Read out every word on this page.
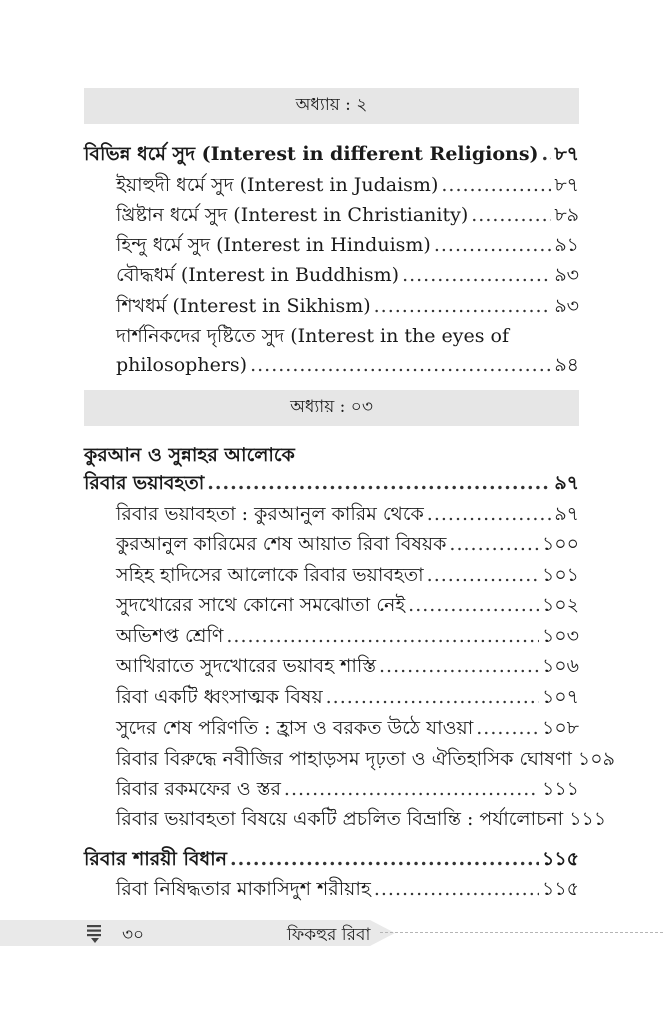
অধ্যায় : ২
বিভিন্ন ধর্মে সুদ (Interest in different Religions) ..... ৮৭
ইয়াহুদী ধর্মে সুদ (Interest in Judaism) .....	৮৭
খ্রিষ্টান ধর্মে সুদ (Interest in Christianity) .....	৮৯
হিন্দু ধর্মে সুদ (Interest in Hinduism) .....	৯১
বৌদ্ধধর্ম (Interest in Buddhism) .....	৯৩
শিখধর্ম (Interest in Sikhism) .....	৯৩
দার্শনিকদের দৃষ্টিতে সুদ (Interest in the eyes of
philosophers) .....	৯৪
অধ্যায় : ০৩
কুরআন ও সুন্নাহর আলোকে
রিবার ভয়াবহতা .....	৯৭
রিবার ভয়াবহতা : কুরআনুল কারিম থেকে .....	৯৭
কুরআনুল কারিমের শেষ আয়াত রিবা বিষয়ক .....	১০০
সহিহ হাদিসের আলোকে রিবার ভয়াবহতা .....	১০১
সুদখোরের সাথে কোনো সমঝোতা নেই .....	১০২
অভিশপ্ত শ্রেণি .....	১০৩
আখিরাতে সুদখোরের ভয়াবহ শাস্তি .....	১০৬
রিবা একটি ধ্বংসাত্মক বিষয় .....	১০৭
সুদের শেষ পরিণতি : হ্রাস ও বরকত উঠে যাওয়া .....	১০৮
রিবার বিরুদ্ধে নবীজির পাহাড়সম দৃঢ়তা ও ঐতিহাসিক ঘোষণা ১০৯
রিবার রকমফের ও স্তর .....	১১১
রিবার ভয়াবহতা বিষয়ে একটি প্রচলিত বিভ্রান্তি : পর্যালোচনা ১১১
রিবার শারয়ী বিধান .....	১১৫
রিবা নিষিদ্ধতার মাকাসিদুশ শরীয়াহ .....	১১৫
৩০	ফিকহুর রিবা
